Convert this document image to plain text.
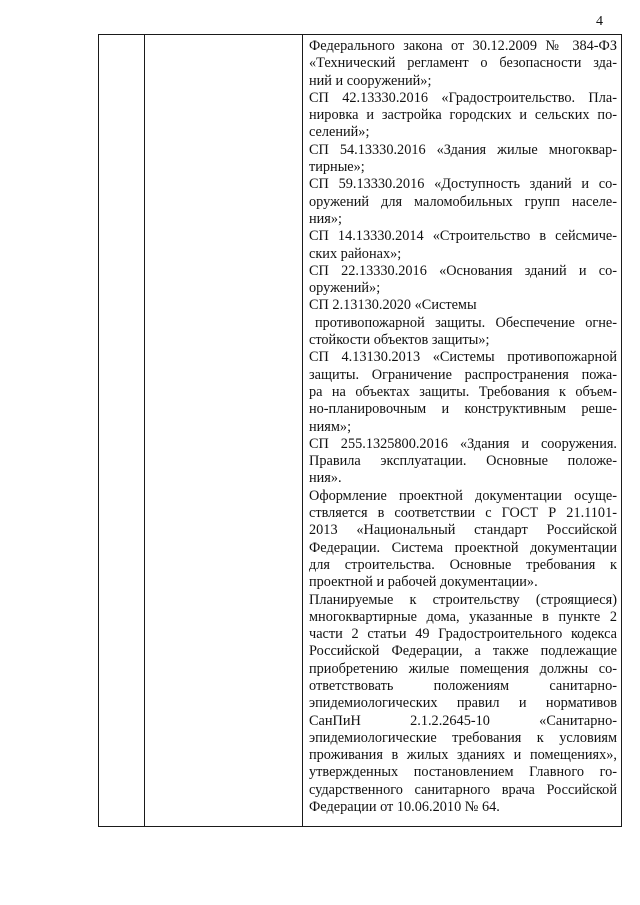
4
Федерального закона от 30.12.2009 № 384-ФЗ
«Технический регламент о безопасности зда-
ний и сооружений»;
СП 42.13330.2016 «Градостроительство. Пла-
нировка и застройка городских и сельских по-
селений»;
СП 54.13330.2016 «Здания жилые многоквар-
тирные»;
СП 59.13330.2016 «Доступность зданий и со-
оружений для маломобильных групп населе-
ния»;
СП 14.13330.2014 «Строительство в сейсмиче-
ских районах»;
СП 22.13330.2016 «Основания зданий и со-
оружений»;
СП 2.13130.2020 «Системы
противопожарной защиты. Обеспечение огне-
стойкости объектов защиты»;
СП 4.13130.2013 «Системы противопожарной
защиты. Ограничение распространения пожа-
ра на объектах защиты. Требования к объем-
но-планировочным и конструктивным реше-
ниям»;
СП 255.1325800.2016 «Здания и сооружения.
Правила эксплуатации. Основные положе-
ния».
Оформление проектной документации осуще-
ствляется в соответствии с ГОСТ Р 21.1101-
2013 «Национальный стандарт Российской
Федерации. Система проектной документации
для строительства. Основные требования к
проектной и рабочей документации».
Планируемые к строительству (строящиеся)
многоквартирные дома, указанные в пункте 2
части 2 статьи 49 Градостроительного кодекса
Российской Федерации, а также подлежащие
приобретению жилые помещения должны со-
ответствовать положениям санитарно-
эпидемиологических правил и нормативов
СанПиН 2.1.2.2645-10 «Санитарно-
эпидемиологические требования к условиям
проживания в жилых зданиях и помещениях»,
утвержденных постановлением Главного го-
сударственного санитарного врача Российской
Федерации от 10.06.2010 № 64.
